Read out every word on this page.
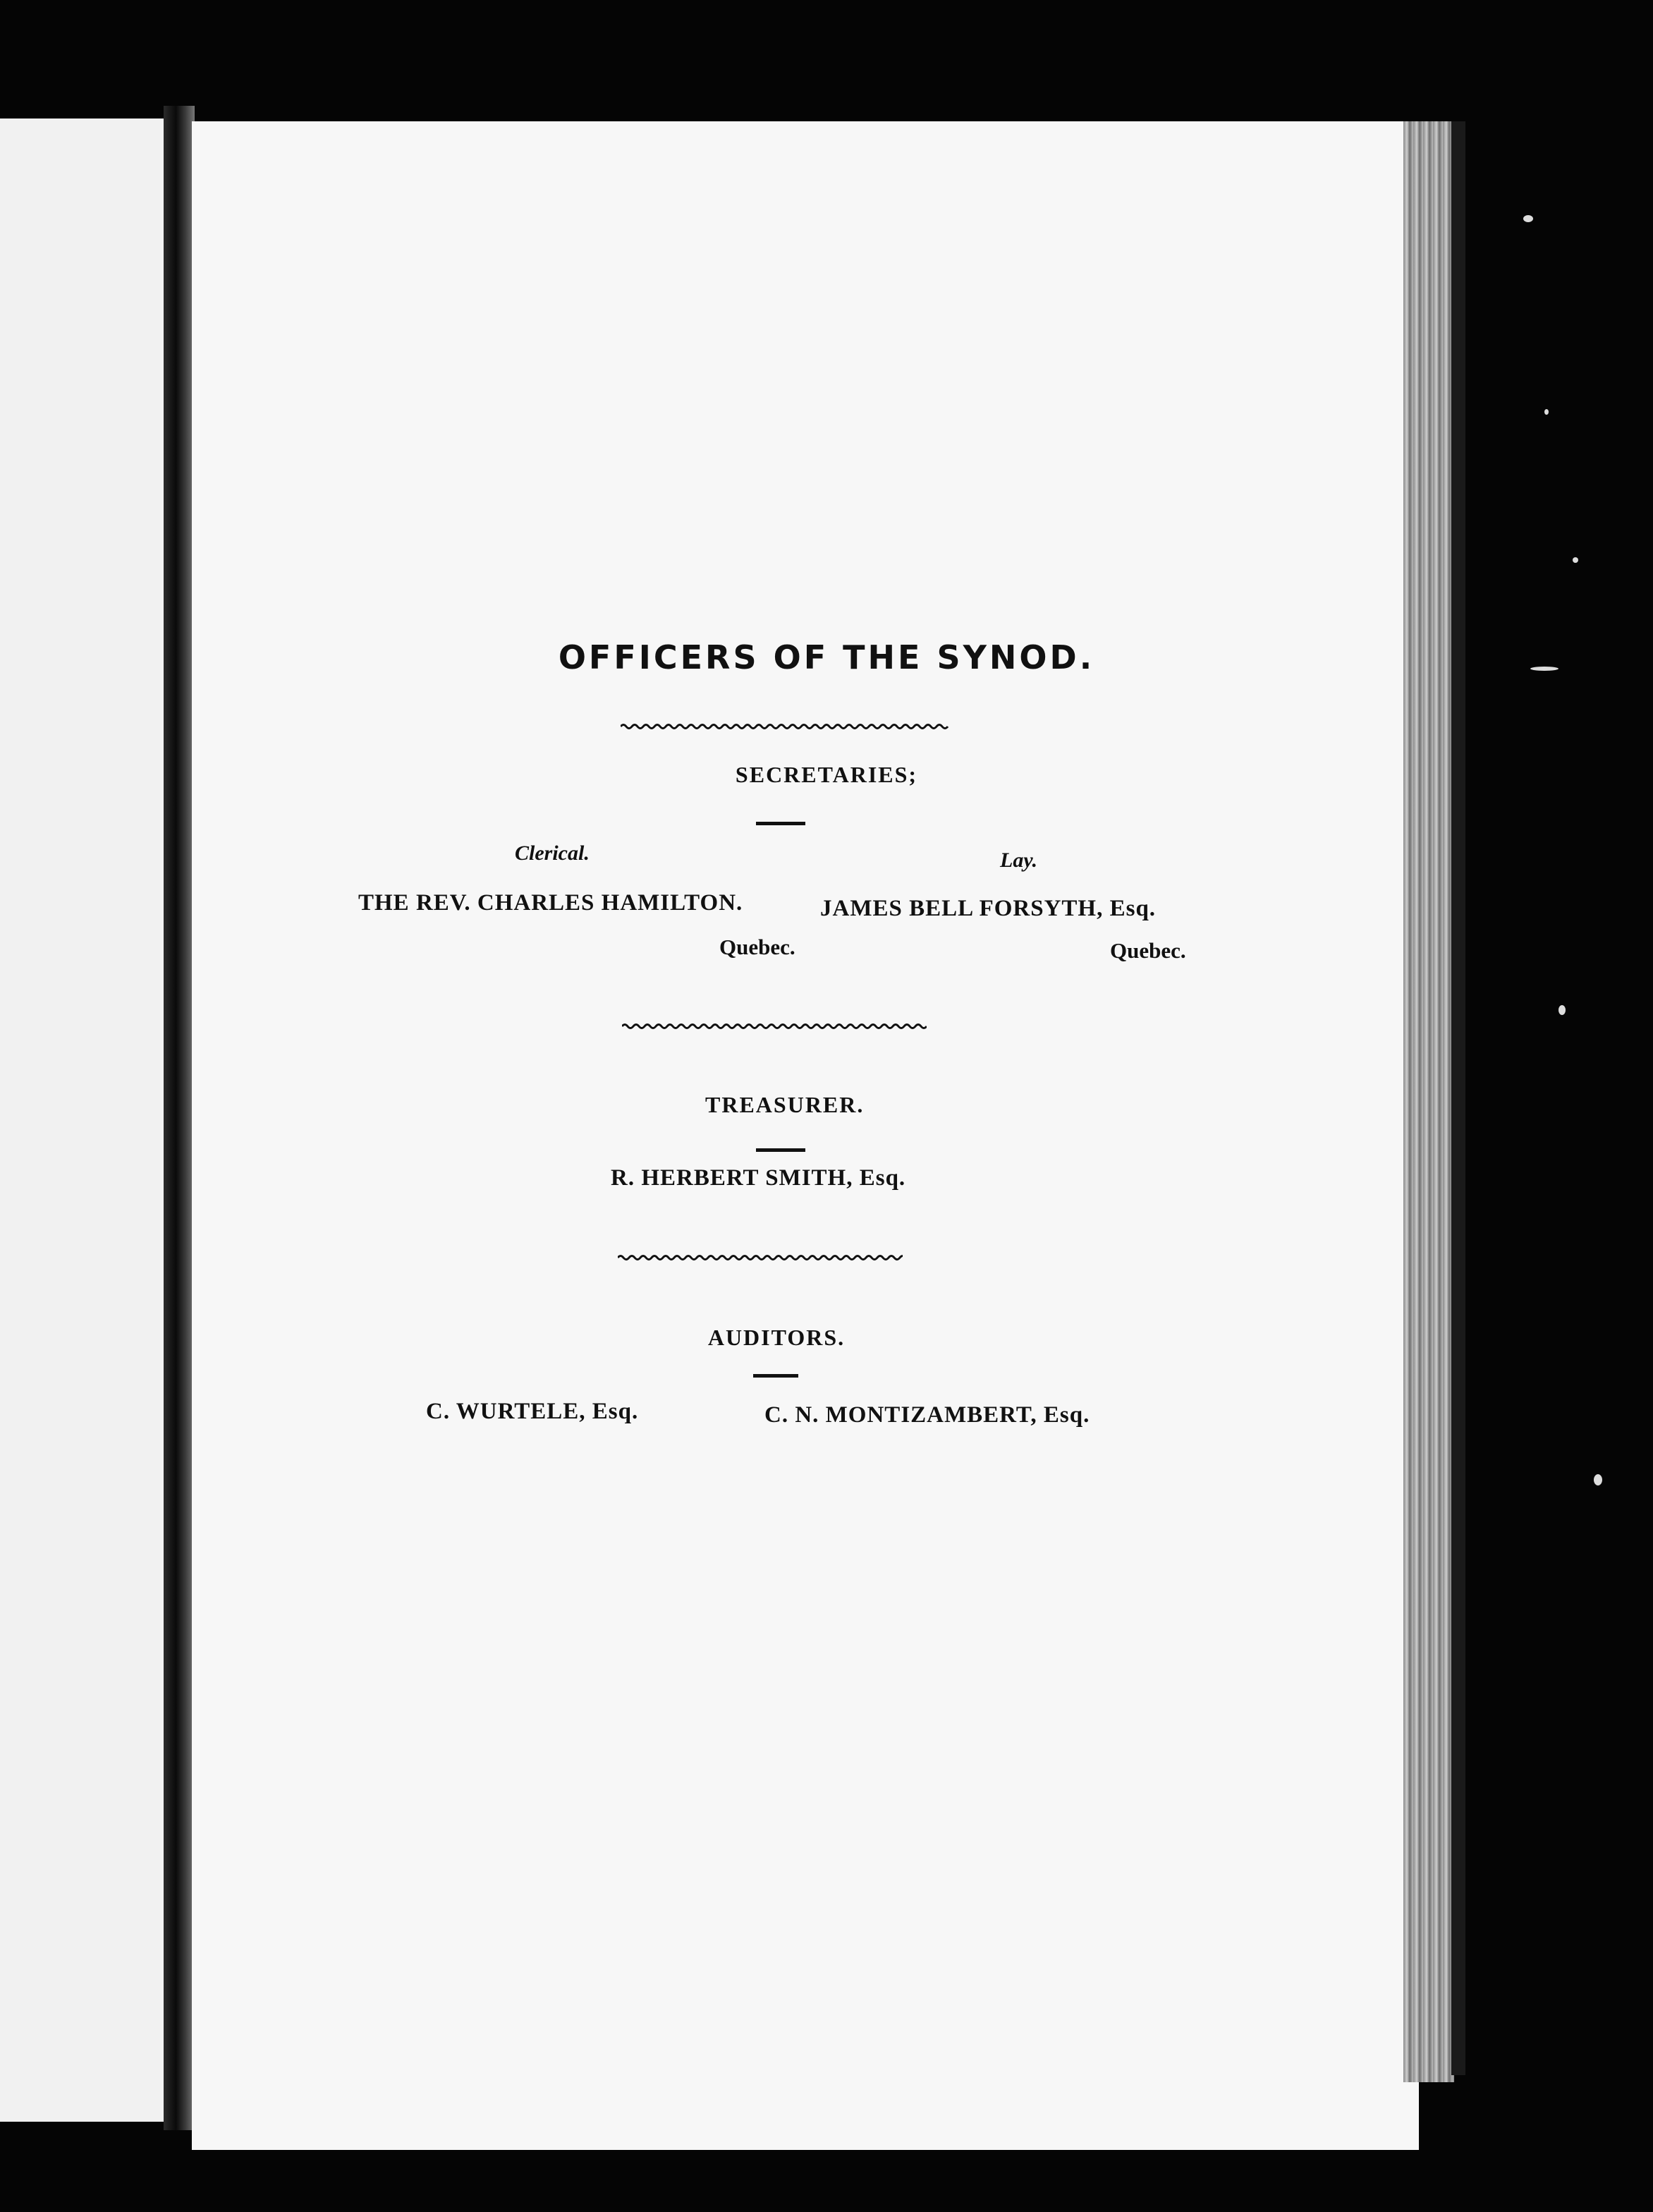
OFFICERS OF THE SYNOD.
SECRETARIES;
Clerical.	Lay.
THE REV. CHARLES HAMILTON.	JAMES BELL FORSYTH, Esq.
Quebec.	Quebec.
TREASURER.
R. HERBERT SMITH, Esq.
AUDITORS.
C. WURTELE, Esq.	C. N. MONTIZAMBERT, Esq.
